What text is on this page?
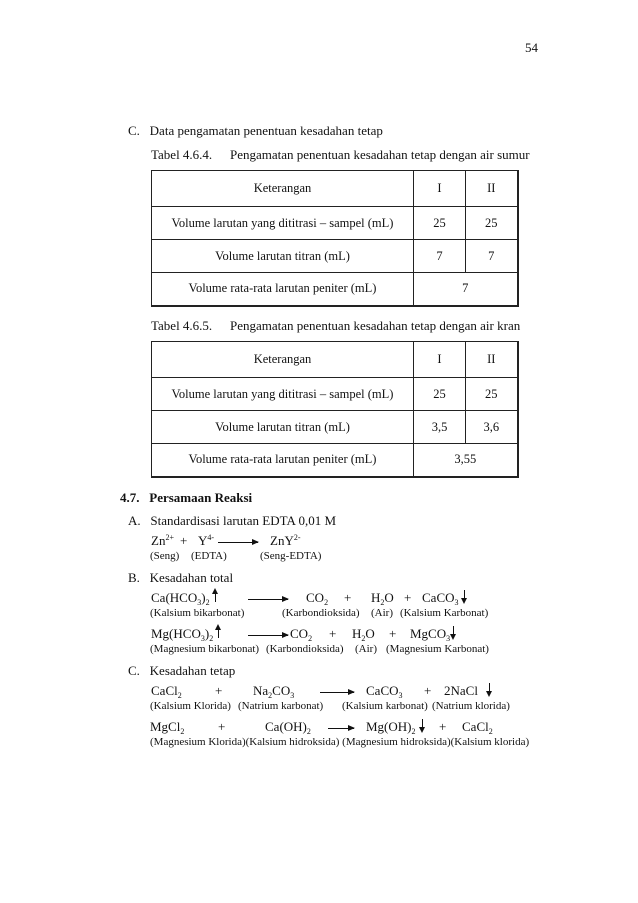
54
C.   Data pengamatan penentuan kesadahan tetap
Tabel 4.6.4. Pengamatan penentuan kesadahan tetap dengan air sumur
Keterangan	I	II
Volume larutan yang dititrasi – sampel (mL)	25	25
Volume larutan titran (mL)	7	7
Volume rata-rata larutan peniter (mL)	7	
Tabel 4.6.5. Pengamatan penentuan kesadahan tetap dengan air kran
Keterangan	I	II
Volume larutan yang dititrasi – sampel (mL)	25	25
Volume larutan titran (mL)	3,5	3,6
Volume rata-rata larutan peniter (mL)	3,55	
4.7.   Persamaan Reaksi
A.   Standardisasi larutan EDTA 0,01 M
$Zn^{2+} + Y^{4-} \to ZnY^{2-}$
(Seng) (EDTA)	(Seng-EDTA)
B.   Kesadahan total
$Ca(HCO_3)_2 \to CO_2 + H_2O$ + CaCO$_3$
(Kalsium bikarbonat)	(Karbondioksida) (Air) (Kalsium Karbonat)
$Mg(HCO_3)_2 \to CO_2 + H_2O$ + MgCO$_3$
(Magnesium bikarbonat) (Karbondioksida) (Air) (Magnesium Karbonat)
C.   Kesadahan tetap
CaCl$_2$	+ $Na_2CO_3$ → CaCO$_3$ + 2NaCl
(Kalsium Klorida) (Natrium karbonat) (Kalsium karbonat) (Natrium klorida)
MgCl$_2$	+	$Ca(OH)_2 \to Mg(OH)_2$ + CaCl$_2$
(Magnesium Klorida)(Kalsium hidroksida) (Magnesium hidroksida)(Kalsium klorida)
